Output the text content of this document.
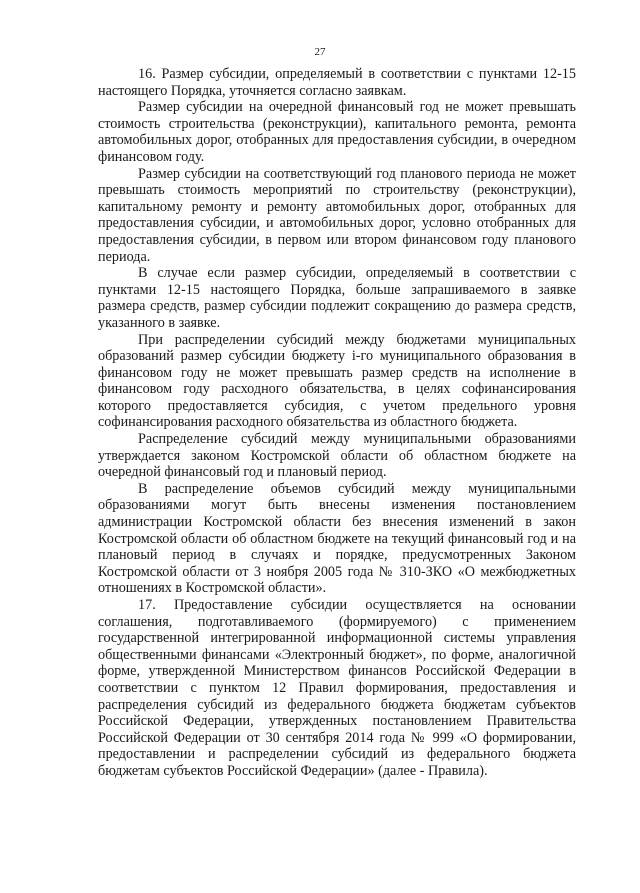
27

16. Размер субсидии, определяемый в соответствии с пунктами 12-15 настоящего Порядка, уточняется согласно заявкам.

Размер субсидии на очередной финансовый год не может превышать стоимость строительства (реконструкции), капитального ремонта, ремонта автомобильных дорог, отобранных для предоставления субсидии, в очередном финансовом году.

Размер субсидии на соответствующий год планового периода не может превышать стоимость мероприятий по строительству (реконструкции), капитальному ремонту и ремонту автомобильных дорог, отобранных для предоставления субсидии, и автомобильных дорог, условно отобранных для предоставления субсидии, в первом или втором финансовом году планового периода.

В случае если размер субсидии, определяемый в соответствии с пунктами 12-15 настоящего Порядка, больше запрашиваемого в заявке размера средств, размер субсидии подлежит сокращению до размера средств, указанного в заявке.

При распределении субсидий между бюджетами муниципальных образований размер субсидии бюджету i-го муниципального образования в финансовом году не может превышать размер средств на исполнение в финансовом году расходного обязательства, в целях софинансирования которого предоставляется субсидия, с учетом предельного уровня софинансирования расходного обязательства из областного бюджета.

Распределение субсидий между муниципальными образованиями утверждается законом Костромской области об областном бюджете на очередной финансовый год и плановый период.

В распределение объемов субсидий между муниципальными образованиями могут быть внесены изменения постановлением администрации Костромской области без внесения изменений в закон Костромской области об областном бюджете на текущий финансовый год и на плановый период в случаях и порядке, предусмотренных Законом Костромской области от 3 ноября 2005 года № 310-ЗКО «О межбюджетных отношениях в Костромской области».

17. Предоставление субсидии осуществляется на основании соглашения, подготавливаемого (формируемого) с применением государственной интегрированной информационной системы управления общественными финансами «Электронный бюджет», по форме, аналогичной форме, утвержденной Министерством финансов Российской Федерации в соответствии с пунктом 12 Правил формирования, предоставления и распределения субсидий из федерального бюджета бюджетам субъектов Российской Федерации, утвержденных постановлением Правительства Российской Федерации от 30 сентября 2014 года № 999 «О формировании, предоставлении и распределении субсидий из федерального бюджета бюджетам субъектов Российской Федерации» (далее - Правила).
